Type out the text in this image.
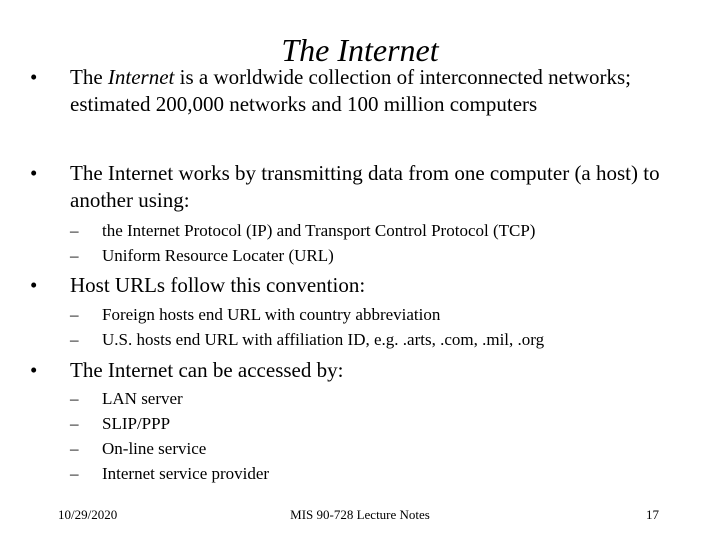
The Internet
•	The Internet is a worldwide collection of interconnected networks; estimated 200,000 networks and 100 million computers
•	The Internet works by transmitting data from one computer (a host) to another using:
– the Internet Protocol (IP) and Transport Control Protocol (TCP)
– Uniform Resource Locater (URL)
•	Host URLs follow this convention:
– Foreign hosts end URL with country abbreviation
– U.S. hosts end URL with affiliation ID, e.g. .arts, .com, .mil, .org
•	The Internet can be accessed by:
– LAN server
– SLIP/PPP
– On-line service
– Internet service provider
10/29/2020	MIS 90-728 Lecture Notes	17
